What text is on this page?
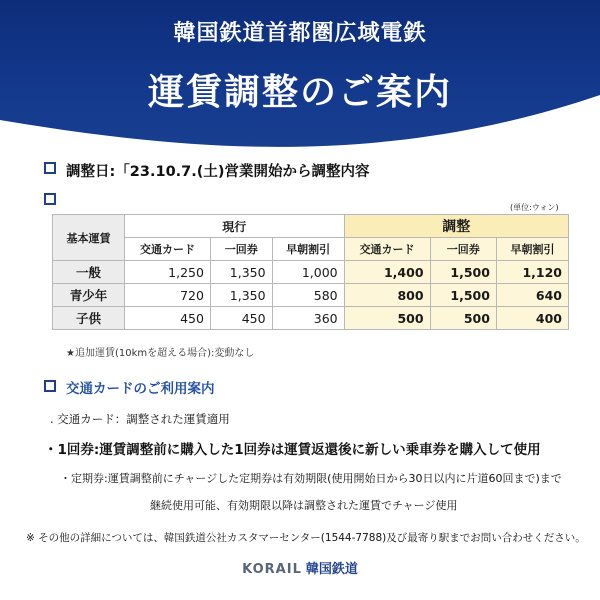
韓国鉄道首都圏広域電鉄
運賃調整のご案内
調整日:「23.10.7.(土)営業開始から調整内容
(単位:ウォン)
基本運賃	現行			調整		
	交通カード	一回券	早朝割引	交通カード	一回券	早朝割引
一般	1,250	1,350	1,000	1,400	1,500	1,120
青少年	720	1,350	580	800	1,500	640
子供	450	450	360	500	500	400
★追加運賃(10kmを超える場合):変動なし
交通カードのご利用案内
. 交通カード：調整された運賃適用
・1回券:運賃調整前に購入した1回券は運賃返還後に新しい乗車券を購入して使用
・定期券:運賃調整前にチャージした定期券は有効期限(使用開始日から30日以内に片道60回まで)まで
継続使用可能、有効期限以降は調整された運賃でチャージ使用
※ その他の詳細については、韓国鉄道公社カスタマーセンター(1544-7788)及び最寄り駅までお問い合わせください。
KORAIL 韓国鉄道
